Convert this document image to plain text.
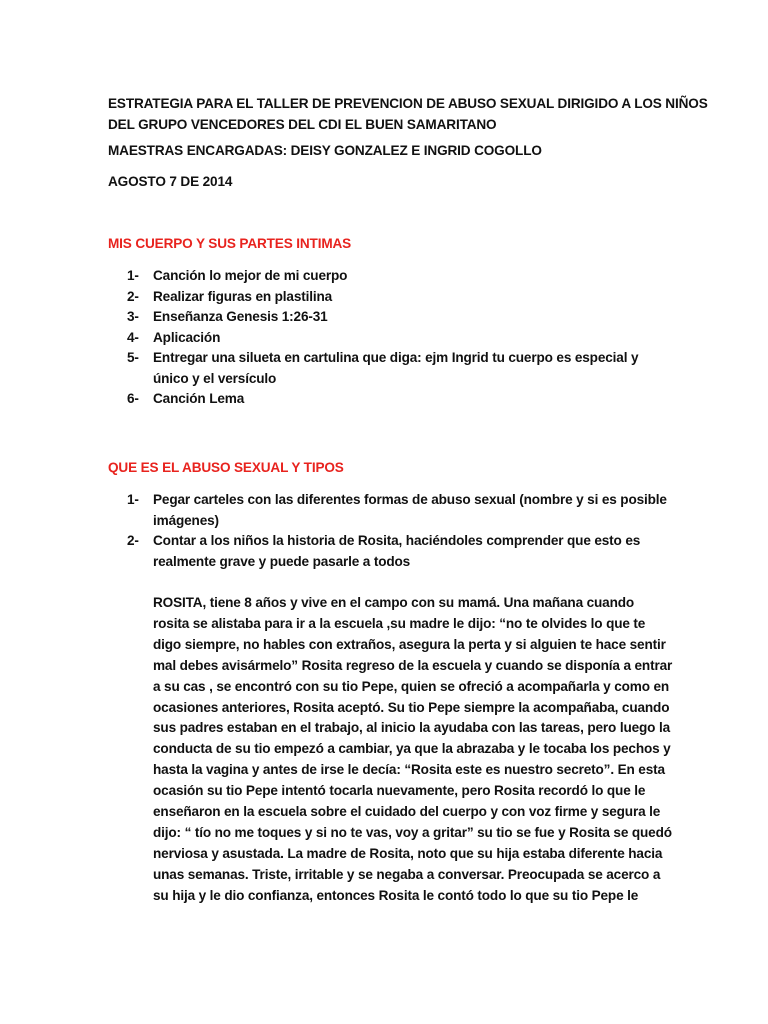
ESTRATEGIA PARA EL TALLER DE PREVENCION DE ABUSO SEXUAL DIRIGIDO A LOS NIÑOS

DEL GRUPO VENCEDORES DEL CDI EL BUEN SAMARITANO

MAESTRAS ENCARGADAS: DEISY GONZALEZ E INGRID COGOLLO

AGOSTO 7 DE 2014

MIS CUERPO Y SUS PARTES INTIMAS

1- Canción lo mejor de mi cuerpo
2- Realizar figuras en plastilina
3- Enseñanza Genesis 1:26-31
4- Aplicación
5- Entregar una silueta en cartulina que diga: ejm Ingrid tu cuerpo es especial y
único y el versículo
6- Canción Lema

QUE ES EL ABUSO SEXUAL Y TIPOS

1- Pegar carteles con las diferentes formas de abuso sexual (nombre y si es posible
imágenes)
2- Contar a los niños la historia de Rosita, haciéndoles comprender que esto es
realmente grave y puede pasarle a todos

ROSITA, tiene 8 años y vive en el campo con su mamá. Una mañana cuando

rosita se alistaba para ir a la escuela ,su madre le dijo: “no te olvides lo que te

digo siempre, no hables con extraños, asegura la perta y si alguien te hace sentir

mal debes avisármelo” Rosita regreso de la escuela y cuando se disponía a entrar

a su cas , se encontró con su tio Pepe, quien se ofreció a acompañarla y como en

ocasiones anteriores, Rosita aceptó. Su tio Pepe siempre la acompañaba, cuando

sus padres estaban en el trabajo, al inicio la ayudaba con las tareas, pero luego la

conducta de su tio empezó a cambiar, ya que la abrazaba y le tocaba los pechos y

hasta la vagina y antes de irse le decía: “Rosita este es nuestro secreto”. En esta

ocasión su tio Pepe intentó tocarla nuevamente, pero Rosita recordó lo que le

enseñaron en la escuela sobre el cuidado del cuerpo y con voz firme y segura le

dijo: “ tío no me toques y si no te vas, voy a gritar” su tio se fue y Rosita se quedó

nerviosa y asustada. La madre de Rosita, noto que su hija estaba diferente hacia

unas semanas. Triste, irritable y se negaba a conversar. Preocupada se acerco a

su hija y le dio confianza, entonces Rosita le contó todo lo que su tio Pepe le
